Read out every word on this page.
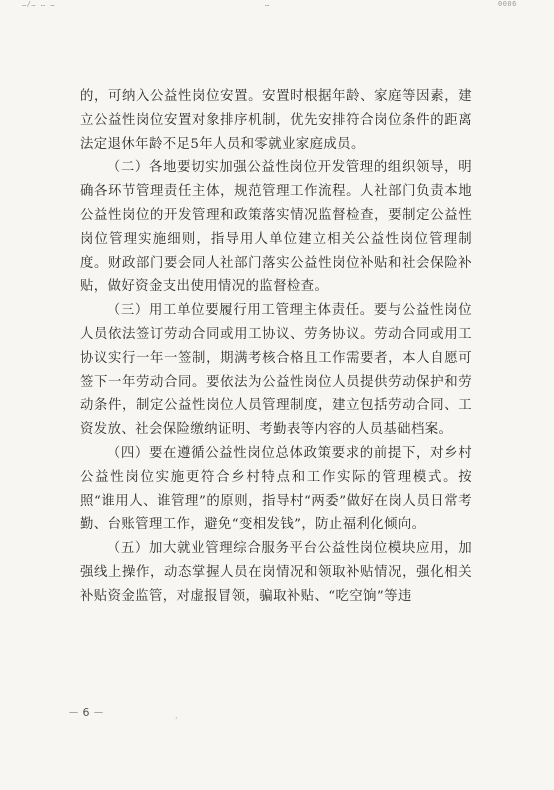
…/… … …	…	0006

的，可纳入公益性岗位安置。安置时根据年龄、家庭等因素，建立公益性岗位安置对象排序机制，优先安排符合岗位条件的距离法定退休年龄不足5年人员和零就业家庭成员。

（二）各地要切实加强公益性岗位开发管理的组织领导，明确各环节管理责任主体，规范管理工作流程。人社部门负责本地公益性岗位的开发管理和政策落实情况监督检查，要制定公益性岗位管理实施细则，指导用人单位建立相关公益性岗位管理制度。财政部门要会同人社部门落实公益性岗位补贴和社会保险补贴，做好资金支出使用情况的监督检查。

（三）用工单位要履行用工管理主体责任。要与公益性岗位人员依法签订劳动合同或用工协议、劳务协议。劳动合同或用工协议实行一年一签制，期满考核合格且工作需要者，本人自愿可签下一年劳动合同。要依法为公益性岗位人员提供劳动保护和劳动条件，制定公益性岗位人员管理制度，建立包括劳动合同、工资发放、社会保险缴纳证明、考勤表等内容的人员基础档案。

（四）要在遵循公益性岗位总体政策要求的前提下，对乡村公益性岗位实施更符合乡村特点和工作实际的管理模式。按照“谁用人、谁管理”的原则，指导村“两委”做好在岗人员日常考勤、台账管理工作，避免“变相发钱”，防止福利化倾向。

（五）加大就业管理综合服务平台公益性岗位模块应用，加强线上操作，动态掌握人员在岗情况和领取补贴情况，强化相关补贴资金监管，对虚报冒领，骗取补贴、“吃空饷”等违

－ 6 －	·
